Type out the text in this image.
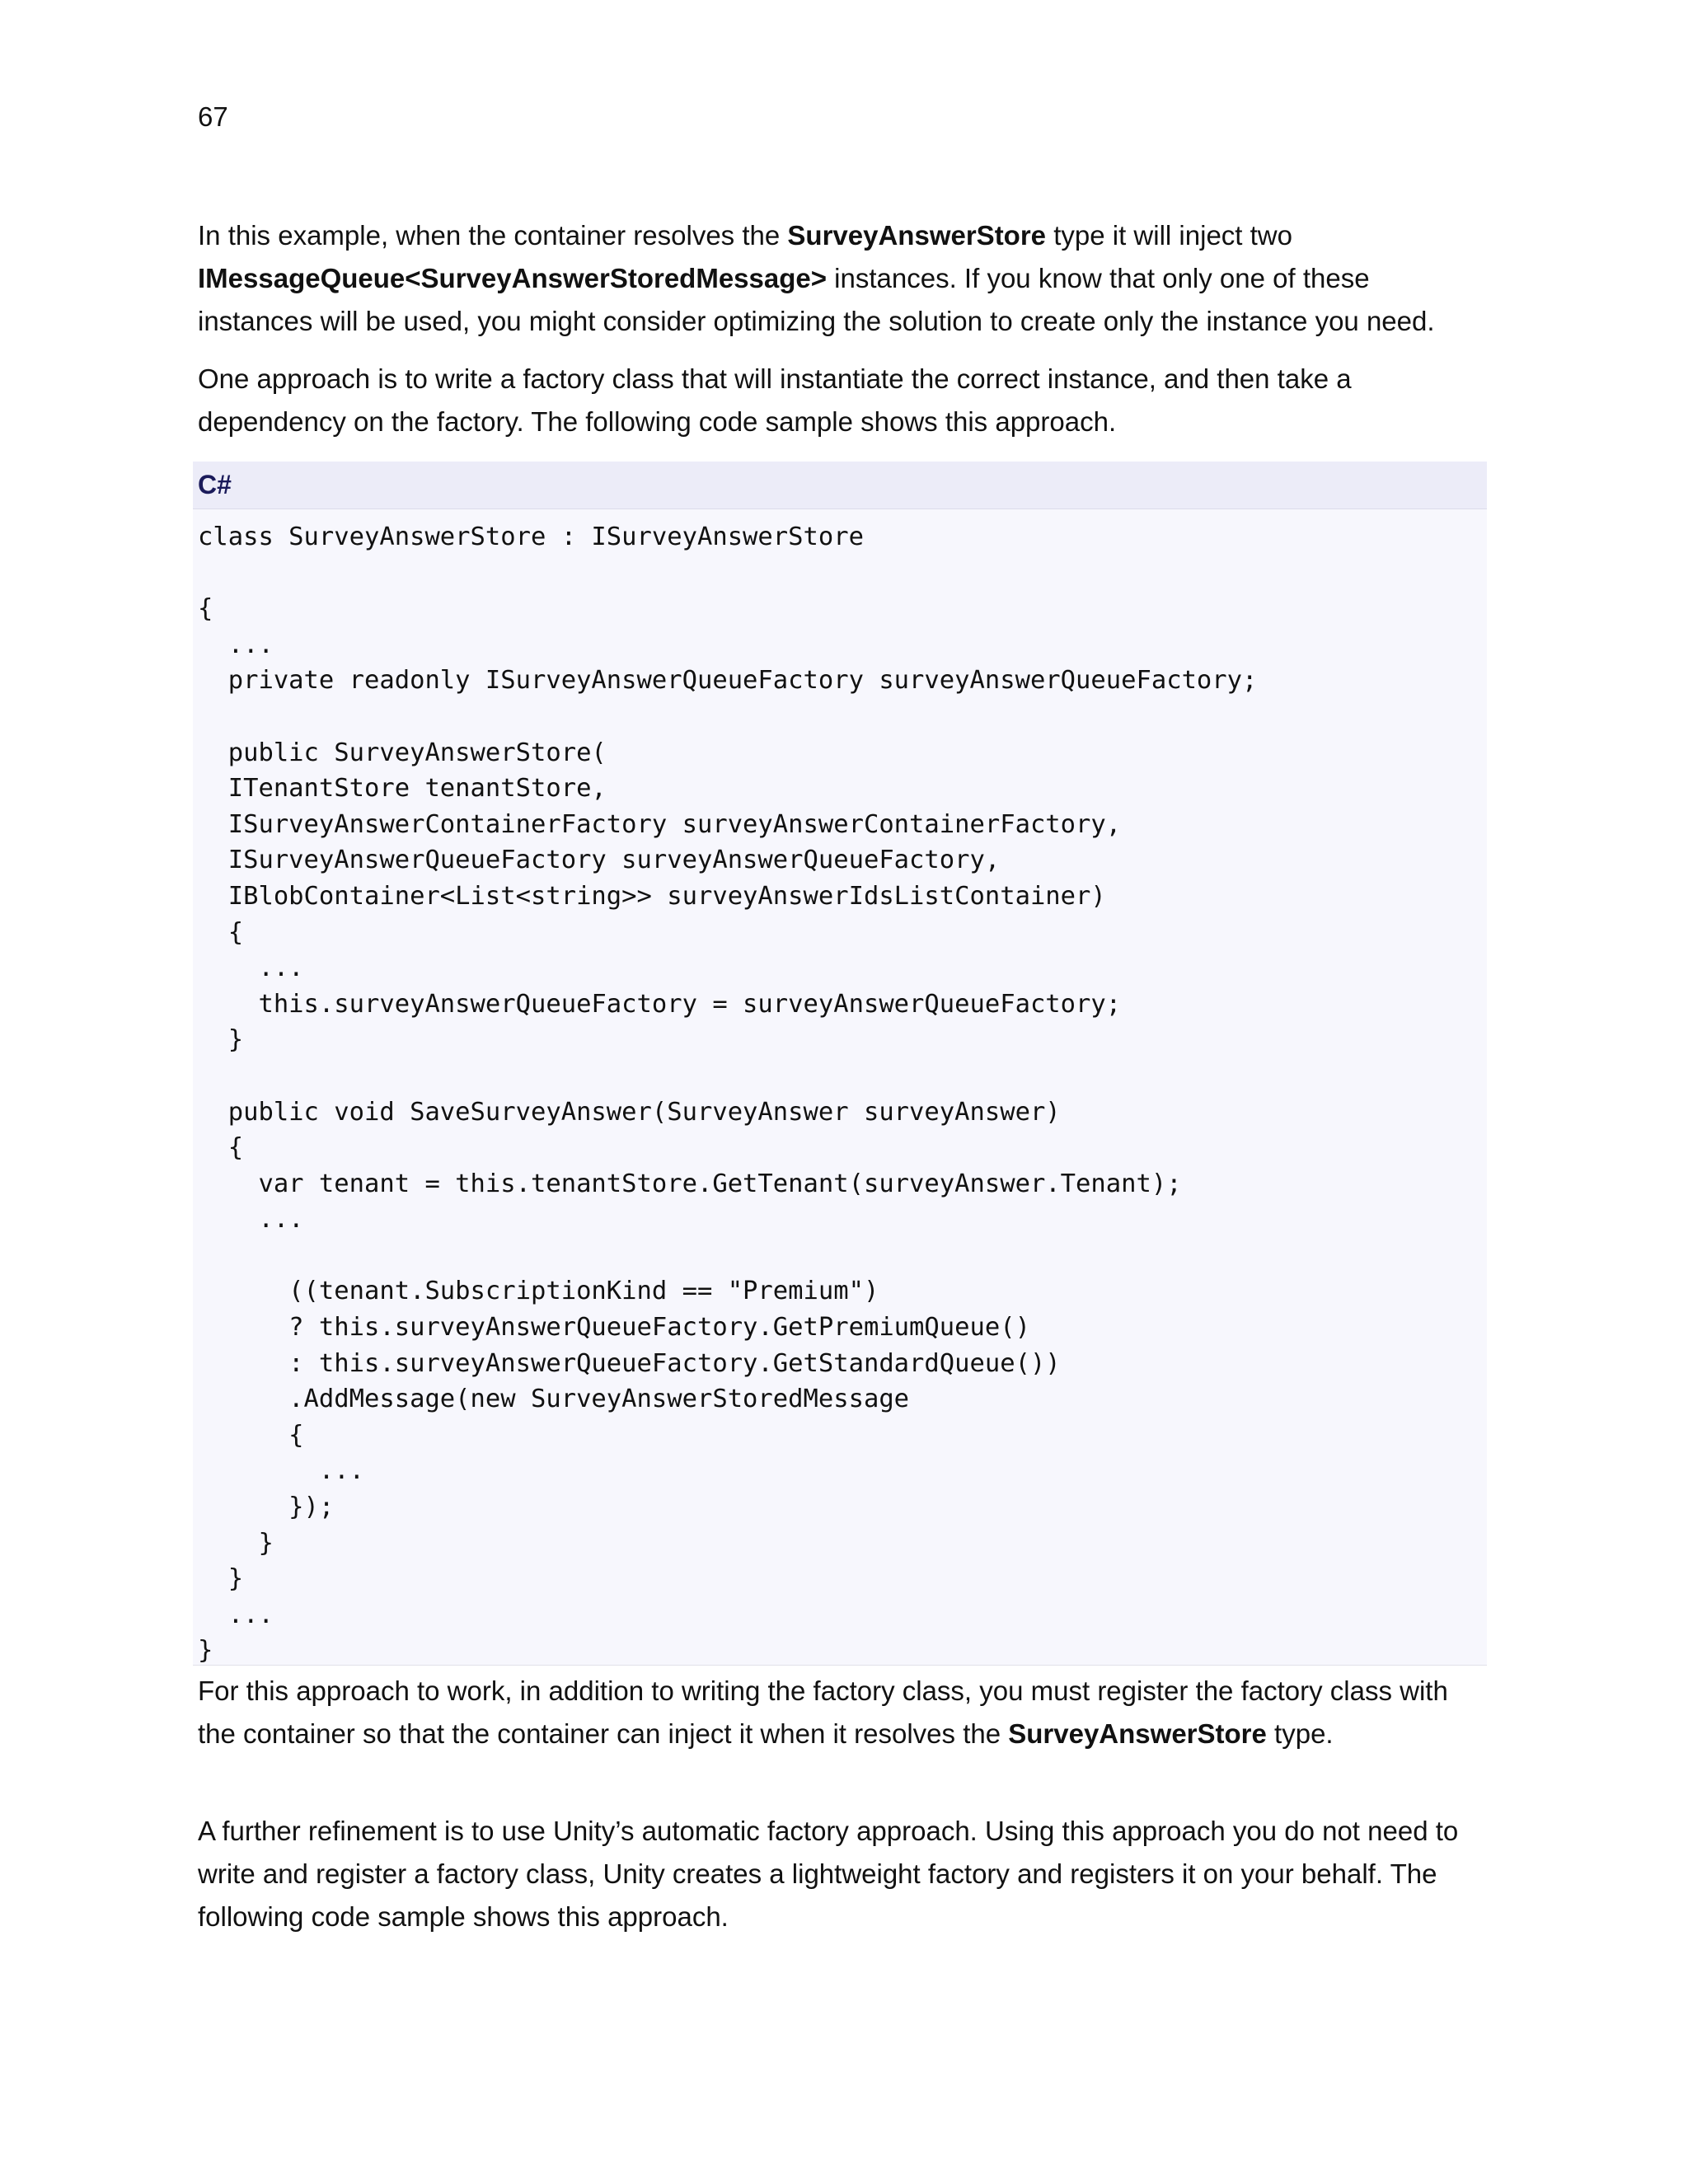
67

In this example, when the container resolves the SurveyAnswerStore type it will inject two IMessageQueue<SurveyAnswerStoredMessage> instances. If you know that only one of these instances will be used, you might consider optimizing the solution to create only the instance you need.

One approach is to write a factory class that will instantiate the correct instance, and then take a dependency on the factory. The following code sample shows this approach.

C#
class SurveyAnswerStore : ISurveyAnswerStore
{
...
private readonly ISurveyAnswerQueueFactory surveyAnswerQueueFactory;
public SurveyAnswerStore(
ITenantStore tenantStore,
ISurveyAnswerContainerFactory surveyAnswerContainerFactory,
ISurveyAnswerQueueFactory surveyAnswerQueueFactory,
IBlobContainer<List<string>> surveyAnswerIdsListContainer)
{
...
this.surveyAnswerQueueFactory = surveyAnswerQueueFactory;
}
public void SaveSurveyAnswer(SurveyAnswer surveyAnswer)
{
var tenant = this.tenantStore.GetTenant(surveyAnswer.Tenant);
...
((tenant.SubscriptionKind == "Premium")
? this.surveyAnswerQueueFactory.GetPremiumQueue()
: this.surveyAnswerQueueFactory.GetStandardQueue())
.AddMessage(new SurveyAnswerStoredMessage
{
...
});
}
}
...
}

For this approach to work, in addition to writing the factory class, you must register the factory class with the container so that the container can inject it when it resolves the SurveyAnswerStore type.

A further refinement is to use Unity’s automatic factory approach. Using this approach you do not need to write and register a factory class, Unity creates a lightweight factory and registers it on your behalf. The following code sample shows this approach.
